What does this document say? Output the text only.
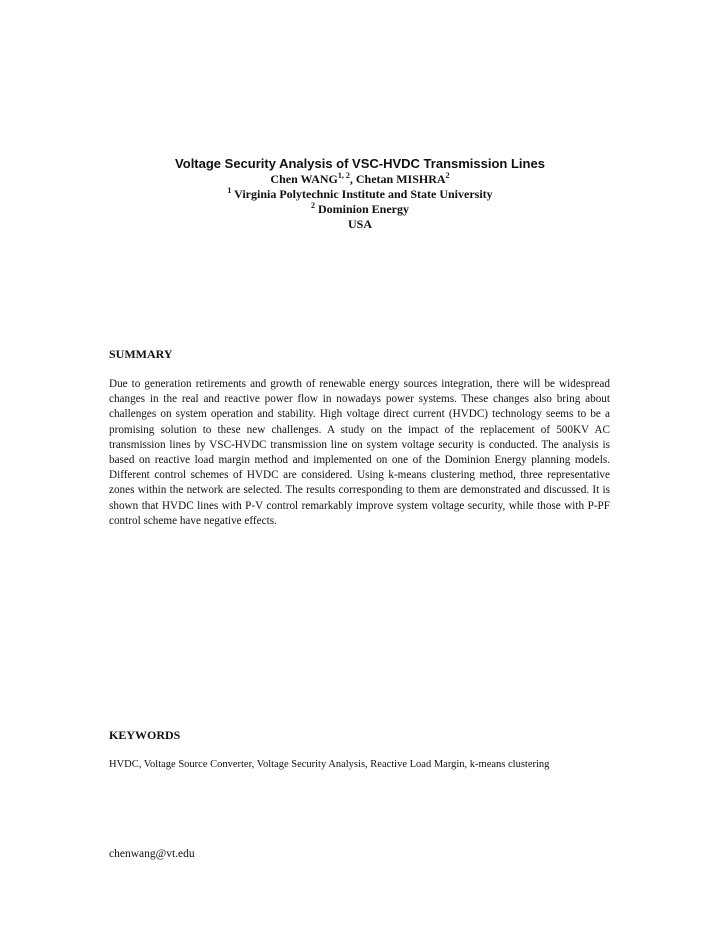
Voltage Security Analysis of VSC-HVDC Transmission Lines

Chen WANG$^{1, 2}$, Chetan MISHRA$^2$

$^1$ Virginia Polytechnic Institute and State University

$^2$ Dominion Energy

USA

SUMMARY

Due to generation retirements and growth of renewable energy sources integration, there will be widespread changes in the real and reactive power flow in nowadays power systems. These changes also bring about challenges on system operation and stability. High voltage direct current (HVDC) technology seems to be a promising solution to these new challenges. A study on the impact of the replacement of 500KV AC transmission lines by VSC-HVDC transmission line on system voltage security is conducted. The analysis is based on reactive load margin method and implemented on one of the Dominion Energy planning models. Different control schemes of HVDC are considered. Using k-means clustering method, three representative zones within the network are selected. The results corresponding to them are demonstrated and discussed. It is shown that HVDC lines with P-V control remarkably improve system voltage security, while those with P-PF control scheme have negative effects.

KEYWORDS

HVDC, Voltage Source Converter, Voltage Security Analysis, Reactive Load Margin, k-means clustering

chenwang@vt.edu
